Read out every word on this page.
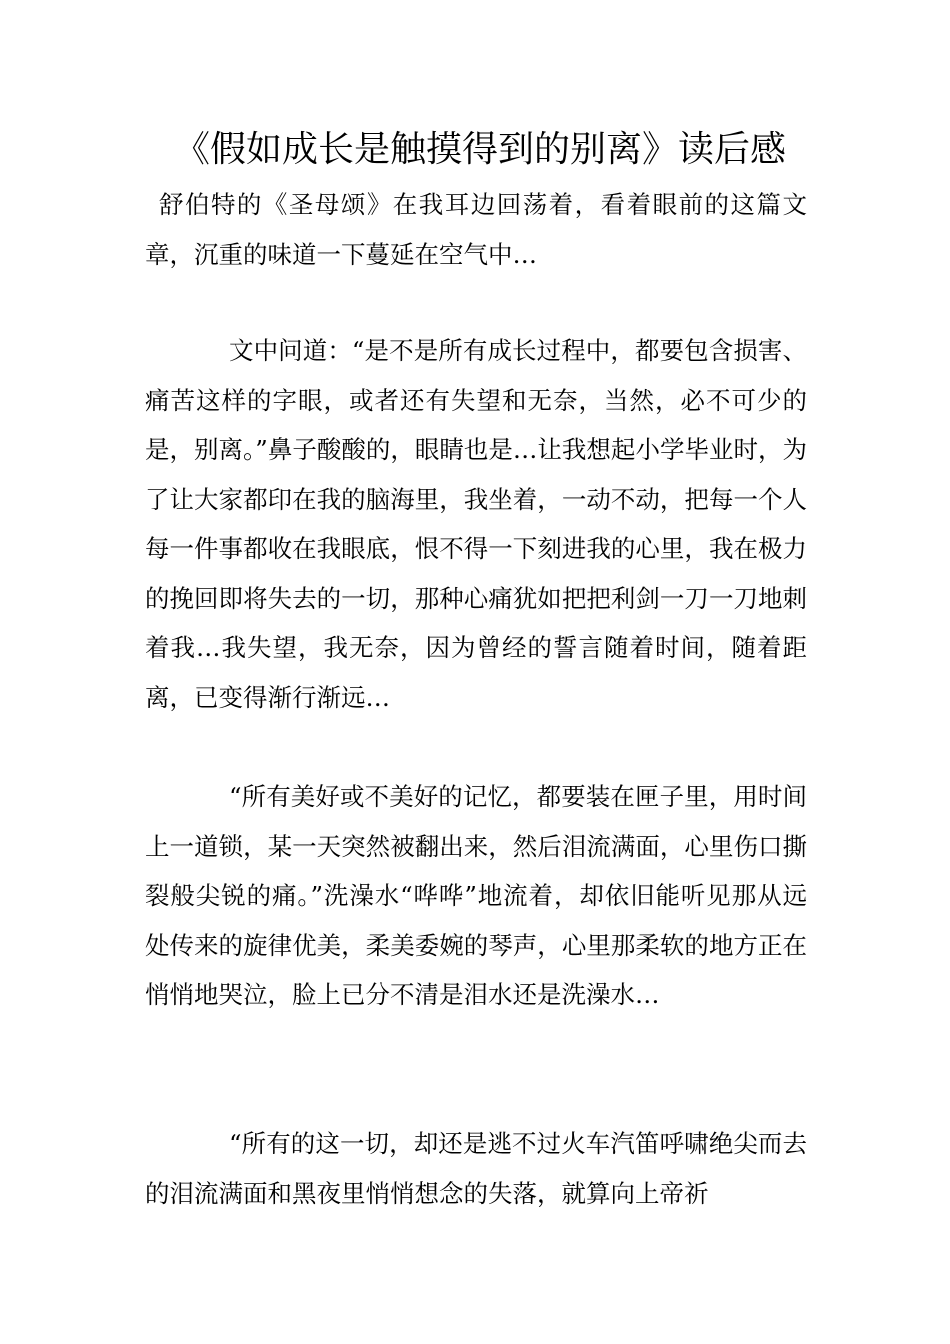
《假如成长是触摸得到的别离》读后感
舒伯特的《圣母颂》在我耳边回荡着，看着眼前的这篇文章，沉重的味道一下蔓延在空气中…
文中问道：“是不是所有成长过程中，都要包含损害、痛苦这样的字眼，或者还有失望和无奈，当然，必不可少的是，别离。”鼻子酸酸的，眼睛也是…让我想起小学毕业时，为了让大家都印在我的脑海里，我坐着，一动不动，把每一个人每一件事都收在我眼底，恨不得一下刻进我的心里，我在极力的挽回即将失去的一切，那种心痛犹如把把利剑一刀一刀地刺着我…我失望，我无奈，因为曾经的誓言随着时间，随着距离，已变得渐行渐远…
“所有美好或不美好的记忆，都要装在匣子里，用时间上一道锁，某一天突然被翻出来，然后泪流满面，心里伤口撕裂般尖锐的痛。”洗澡水“哗哗”地流着，却依旧能听见那从远处传来的旋律优美，柔美委婉的琴声，心里那柔软的地方正在悄悄地哭泣，脸上已分不清是泪水还是洗澡水…
“所有的这一切，却还是逃不过火车汽笛呼啸绝尖而去的泪流满面和黑夜里悄悄想念的失落，就算向上帝祈
